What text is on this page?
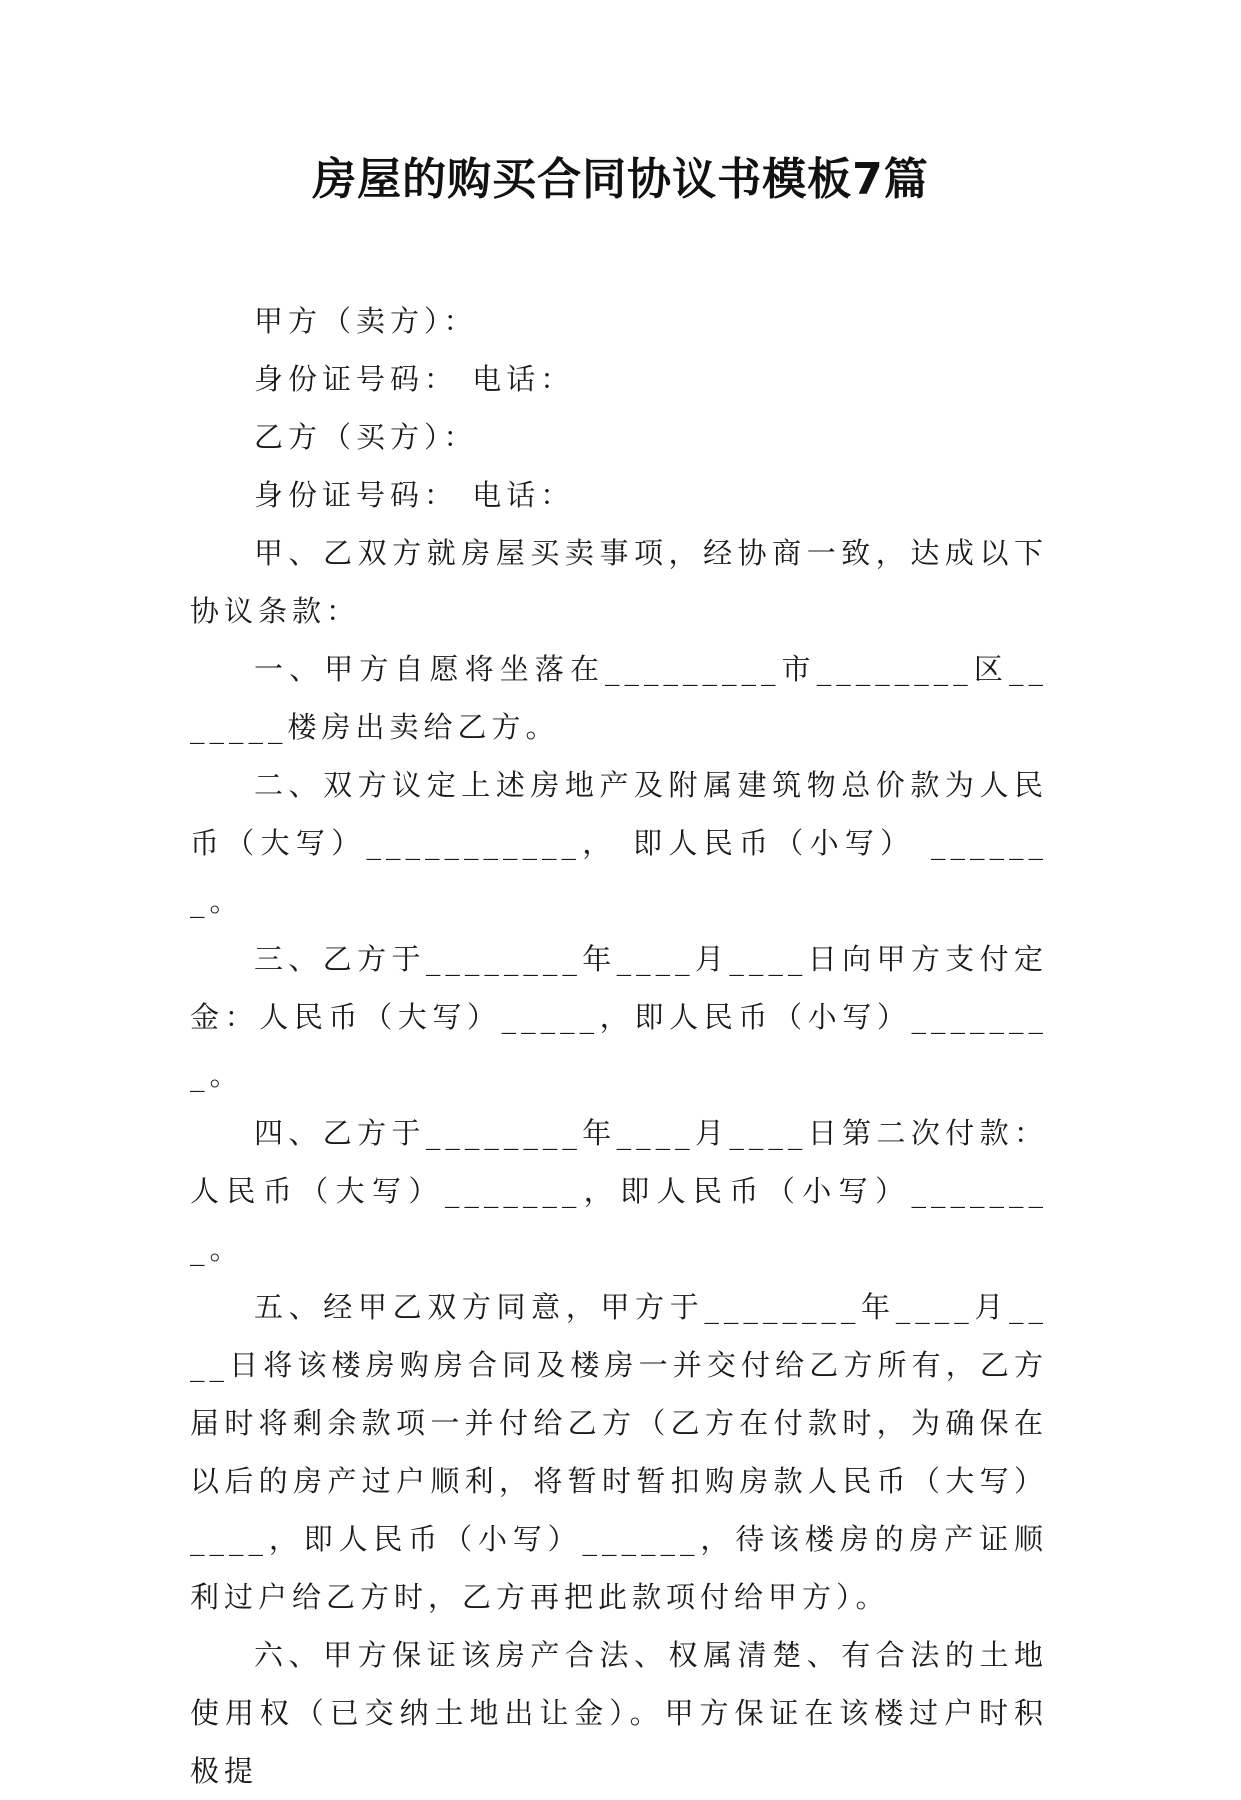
房屋的购买合同协议书模板7篇

甲方（卖方）：

身份证号码： 电话：

乙方（买方）：

身份证号码： 电话：

甲、乙双方就房屋买卖事项，经协商一致，达成以下协议条款：

一、甲方自愿将坐落在_________市________区_______楼房出卖给乙方。

二、双方议定上述房地产及附属建筑物总价款为人民币（大写）___________， 即人民币（小写） _______。

三、乙方于________年____月____日向甲方支付定金：人民币（大写）_____，即人民币（小写）________。

四、乙方于________年____月____日第二次付款：人民币（大写）_______，即人民币（小写）________。

五、经甲乙双方同意，甲方于________年____月____日将该楼房购房合同及楼房一并交付给乙方所有，乙方届时将剩余款项一并付给乙方（乙方在付款时，为确保在以后的房产过户顺利，将暂时暂扣购房款人民币（大写）____，即人民币（小写）______，待该楼房的房产证顺利过户给乙方时，乙方再把此款项付给甲方）。

六、甲方保证该房产合法、权属清楚、有合法的土地使用权（已交纳土地出让金）。甲方保证在该楼过户时积极提
